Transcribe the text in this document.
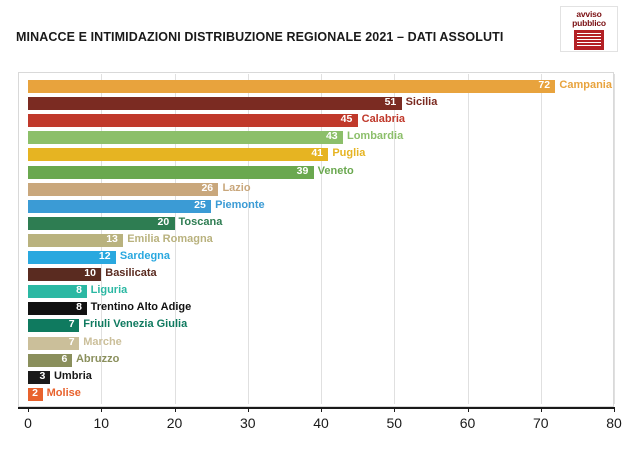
avviso
pubblico
MINACCE E INTIMIDAZIONI DISTRIBUZIONE REGIONALE 2021 – DATI ASSOLUTI
72 Campania
51 Sicilia
45 Calabria
43 Lombardia
41 Puglia
39 Veneto
26 Lazio
25 Piemonte
20 Toscana
13 Emilia Romagna
12 Sardegna
10 Basilicata
8 Liguria
8 Trentino Alto Adige
7 Friuli Venezia Giulia
7 Marche
6 Abruzzo
3 Umbria
2 Molise
0	10	20	30	40	50	60	70	80
